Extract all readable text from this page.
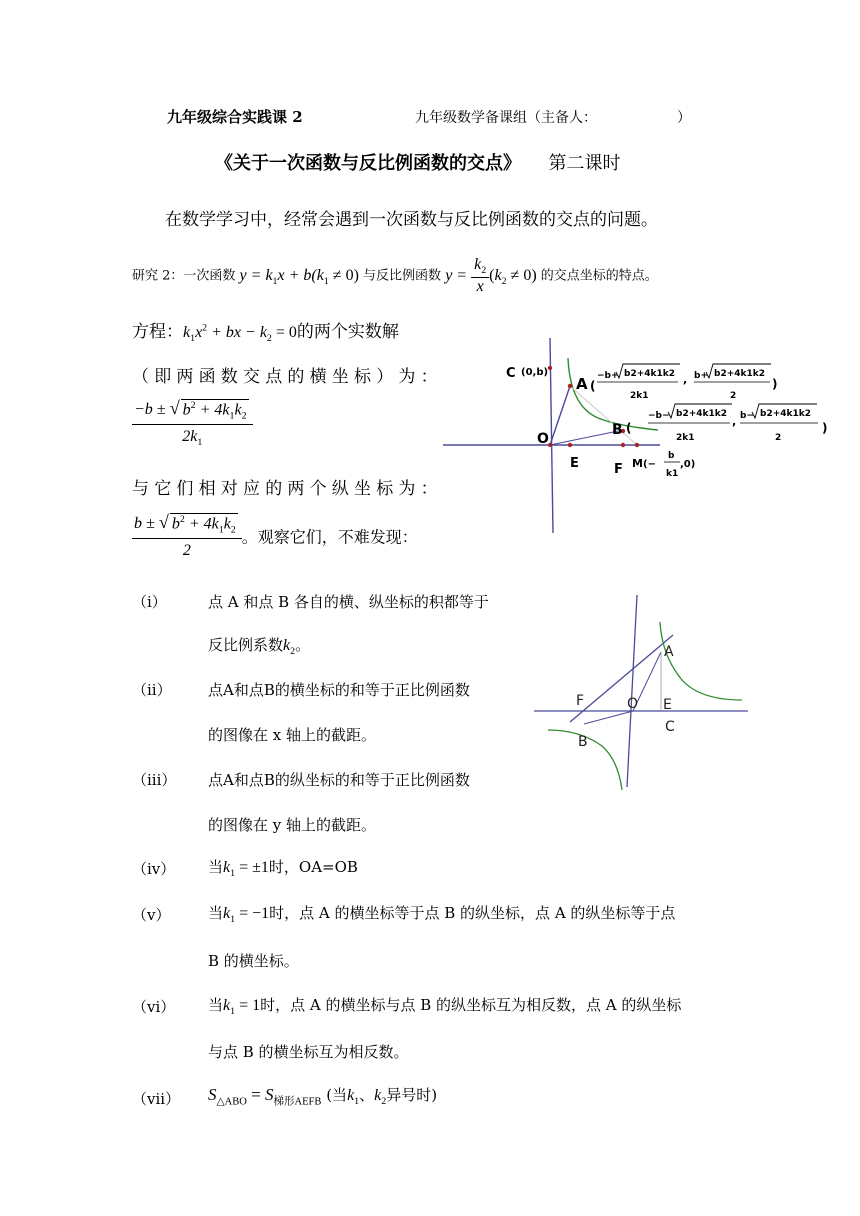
九年级综合实践课 2	九年级数学备课组（主备人：	）
《关于一次函数与反比例函数的交点》 第二课时
在数学学习中，经常会遇到一次函数与反比例函数的交点的问题。
研究 2：一次函数 $y = k_1x + b(k_1 \ne 0)$ 与反比例函数 $y = \frac{k_2}{x} (k_2 \ne 0)$ 的交点坐标的特点。
方程：$k_1x^2$ + bx − $k_2 = 0$的两个实数解
（即两函数交点的横坐标）为：
$\frac{-b \pm √ b^2 + 4k_1k_2}{2k_1}$
与它们相对应的两个纵坐标为：
$\frac{b \pm √ b^2 + 4k_1k_2}{2}$ 。观察它们，不难发现：
C (0,b)
A
B
O
E	F M (− ,0)
(
−b+ b2+4k1k2
2k1
, b+ b2+4k1k2
2
)
(
−b− b2+4k1k2
2k1
, b− b2+4k1k2
2
)
b
k1
A
B
O E
C
F
（i）	点 A 和点 B 各自的横、纵坐标的积都等于
反比例系数$k_2$。
（ii） 点A和点B的横坐标的和等于正比例函数
的图像在 x 轴上的截距。
（iii） 点A和点B的纵坐标的和等于正比例函数
的图像在 y 轴上的截距。
（iv） 当$k_1 = \pm 1$时，OA=OB
（v）	当$k_1 = -1$时，点 A 的横坐标等于点 B 的纵坐标，点 A 的纵坐标等于点
B 的横坐标。
（vi） 当$k_1 = 1$时，点 A 的横坐标与点 B 的纵坐标互为相反数，点 A 的纵坐标
与点 B 的横坐标互为相反数。
（vii） $S_{\triangle ABO} = S_{梯形AEFB}$ (当$k_1$、$k_2$异号时)
